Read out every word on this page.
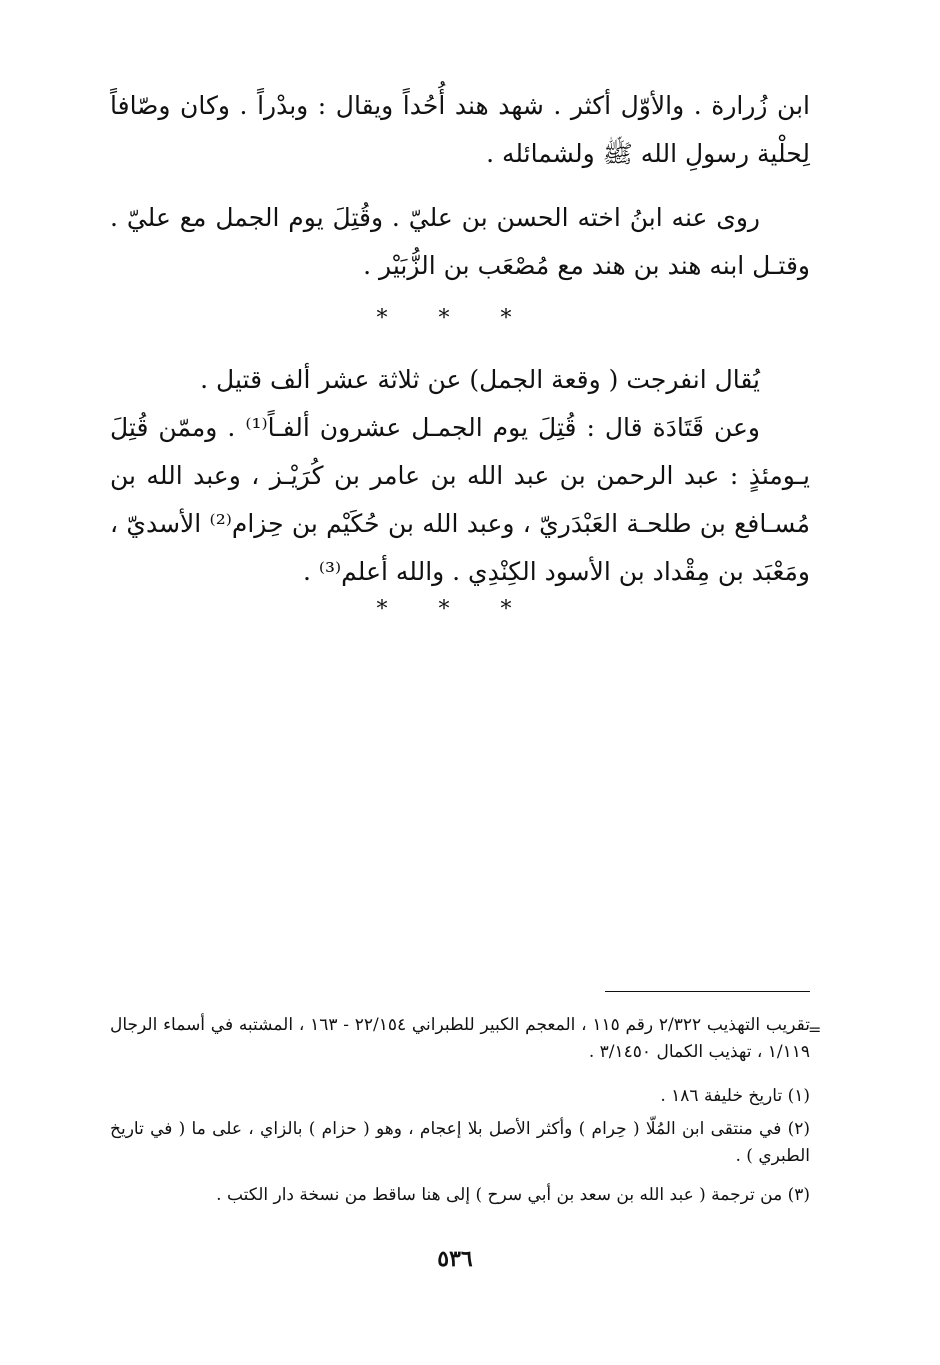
ابن زُرارة . والأوّل أكثر . شهد هند أُحُداً ويقال : وبدْراً . وكان وصّافاً لِحلْية رسولِ الله ﷺ ولشمائله .
روى عنه ابنُ اخته الحسن بن عليّ . وقُتِلَ يوم الجمل مع عليّ . وقتـل ابنه هند بن هند مع مُصْعَب بن الزُّبَيْر .
* * *
يُقال انفرجت ( وقعة الجمل) عن ثلاثة عشر ألف قتيل .
وعن قَتَادَة قال : قُتِلَ يوم الجمـل عشرون ألفـاً⁽¹⁾ . وممّن قُتِلَ يـومئذٍ : عبد الرحمن بن عبد الله بن عامر بن كُرَيْـز ، وعبد الله بن مُسـافع بن طلحـة العَبْدَريّ ، وعبد الله بن حُكَيْم بن حِزام⁽²⁾ الأسديّ ، ومَعْبَد بن مِقْداد بن الأسود الكِنْدِي . والله أعلم⁽³⁾ .
* * *
=
تقريب التهذيب ٢/٣٢٢ رقم ١١٥ ، المعجم الكبير للطبراني ٢٢/١٥٤ - ١٦٣ ، المشتبه في أسماء الرجال ١/١١٩ ، تهذيب الكمال ٣/١٤٥٠ .
(١) تاريخ خليفة ١٨٦ .
(٢) في منتقى ابن المُلّا ( حِرام ) وأكثر الأصل بلا إعجام ، وهو ( حزام ) بالزاي ، على ما ( في تاريخ الطبري ) .
(٣) من ترجمة ( عبد الله بن سعد بن أبي سرح ) إلى هنا ساقط من نسخة دار الكتب .
٥٣٦
